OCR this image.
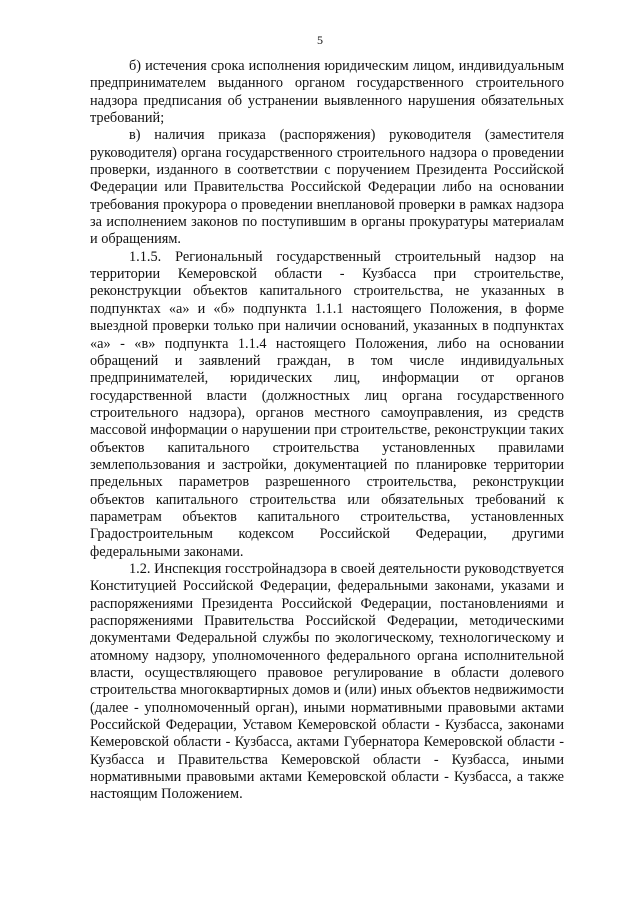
5

б) истечения срока исполнения юридическим лицом, индивидуальным предпринимателем выданного органом государственного строительного надзора предписания об устранении выявленного нарушения обязательных требований;

в) наличия приказа (распоряжения) руководителя (заместителя руководителя) органа государственного строительного надзора о проведении проверки, изданного в соответствии с поручением Президента Российской Федерации или Правительства Российской Федерации либо на основании требования прокурора о проведении внеплановой проверки в рамках надзора за исполнением законов по поступившим в органы прокуратуры материалам и обращениям.

1.1.5. Региональный государственный строительный надзор на территории Кемеровской области - Кузбасса при строительстве, реконструкции объектов капитального строительства, не указанных в подпунктах «а» и «б» подпункта 1.1.1 настоящего Положения, в форме выездной проверки только при наличии оснований, указанных в подпунктах «а» - «в» подпункта 1.1.4 настоящего Положения, либо на основании обращений и заявлений граждан, в том числе индивидуальных предпринимателей, юридических лиц, информации от органов государственной власти (должностных лиц органа государственного строительного надзора), органов местного самоуправления, из средств массовой информации о нарушении при строительстве, реконструкции таких объектов капитального строительства установленных правилами землепользования и застройки, документацией по планировке территории предельных параметров разрешенного строительства, реконструкции объектов капитального строительства или обязательных требований к параметрам объектов капитального строительства, установленных Градостроительным кодексом Российской Федерации, другими федеральными законами.

1.2. Инспекция госстройнадзора в своей деятельности руководствуется Конституцией Российской Федерации, федеральными законами, указами и распоряжениями Президента Российской Федерации, постановлениями и распоряжениями Правительства Российской Федерации, методическими документами Федеральной службы по экологическому, технологическому и атомному надзору, уполномоченного федерального органа исполнительной власти, осуществляющего правовое регулирование в области долевого строительства многоквартирных домов и (или) иных объектов недвижимости (далее - уполномоченный орган), иными нормативными правовыми актами Российской Федерации, Уставом Кемеровской области - Кузбасса, законами Кемеровской области - Кузбасса, актами Губернатора Кемеровской области - Кузбасса и Правительства Кемеровской области - Кузбасса, иными нормативными правовыми актами Кемеровской области - Кузбасса, а также настоящим Положением.
